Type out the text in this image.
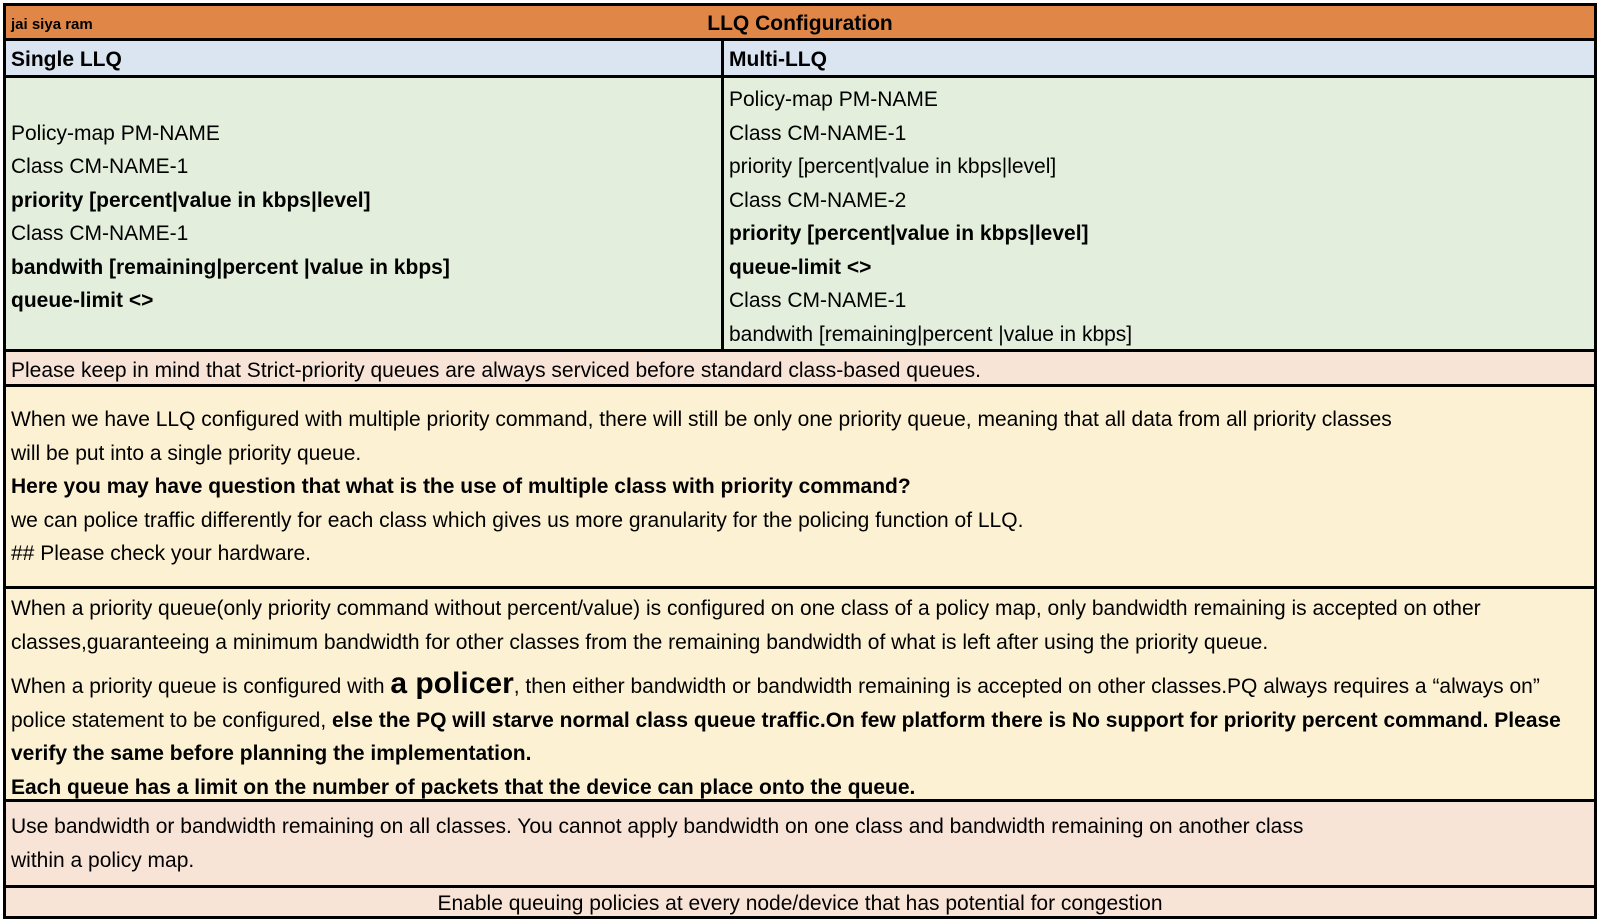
jai siya ram	LLQ Configuration
Single LLQ	Multi-LLQ

Policy-map PM-NAME
Class CM-NAME-1
priority [percent|value in kbps|level]
Class CM-NAME-1
bandwith [remaining|percent |value in kbps]
queue-limit <>
Policy-map PM-NAME
Class CM-NAME-1
priority [percent|value in kbps|level]
Class CM-NAME-2
priority [percent|value in kbps|level]
queue-limit <>
Class CM-NAME-1
bandwith [remaining|percent |value in kbps]
Please keep in mind that Strict-priority queues are always serviced before standard class-based queues.
When we have LLQ configured with multiple priority command, there will still be only one priority queue, meaning that all data from all priority classes
will be put into a single priority queue.
Here you may have question that what is the use of multiple class with priority command?
we can police traffic differently for each class which gives us more granularity for the policing function of LLQ.
## Please check your hardware.

When a priority queue(only priority command without percent/value) is configured on one class of a policy map, only bandwidth remaining is accepted on other classes,guaranteeing a minimum bandwidth for other classes from the remaining bandwidth of what is left after using the priority queue.

When a priority queue is configured with a policer, then either bandwidth or bandwidth remaining is accepted on other classes.PQ always requires a “always on” police statement to be configured, else the PQ will starve normal class queue traffic.On few platform there is No support for priority percent command. Please verify the same before planning the implementation.

Each queue has a limit on the number of packets that the device can place onto the queue.

Use bandwidth or bandwidth remaining on all classes. You cannot apply bandwidth on one class and bandwidth remaining on another class
within a policy map.
Enable queuing policies at every node/device that has potential for congestion
